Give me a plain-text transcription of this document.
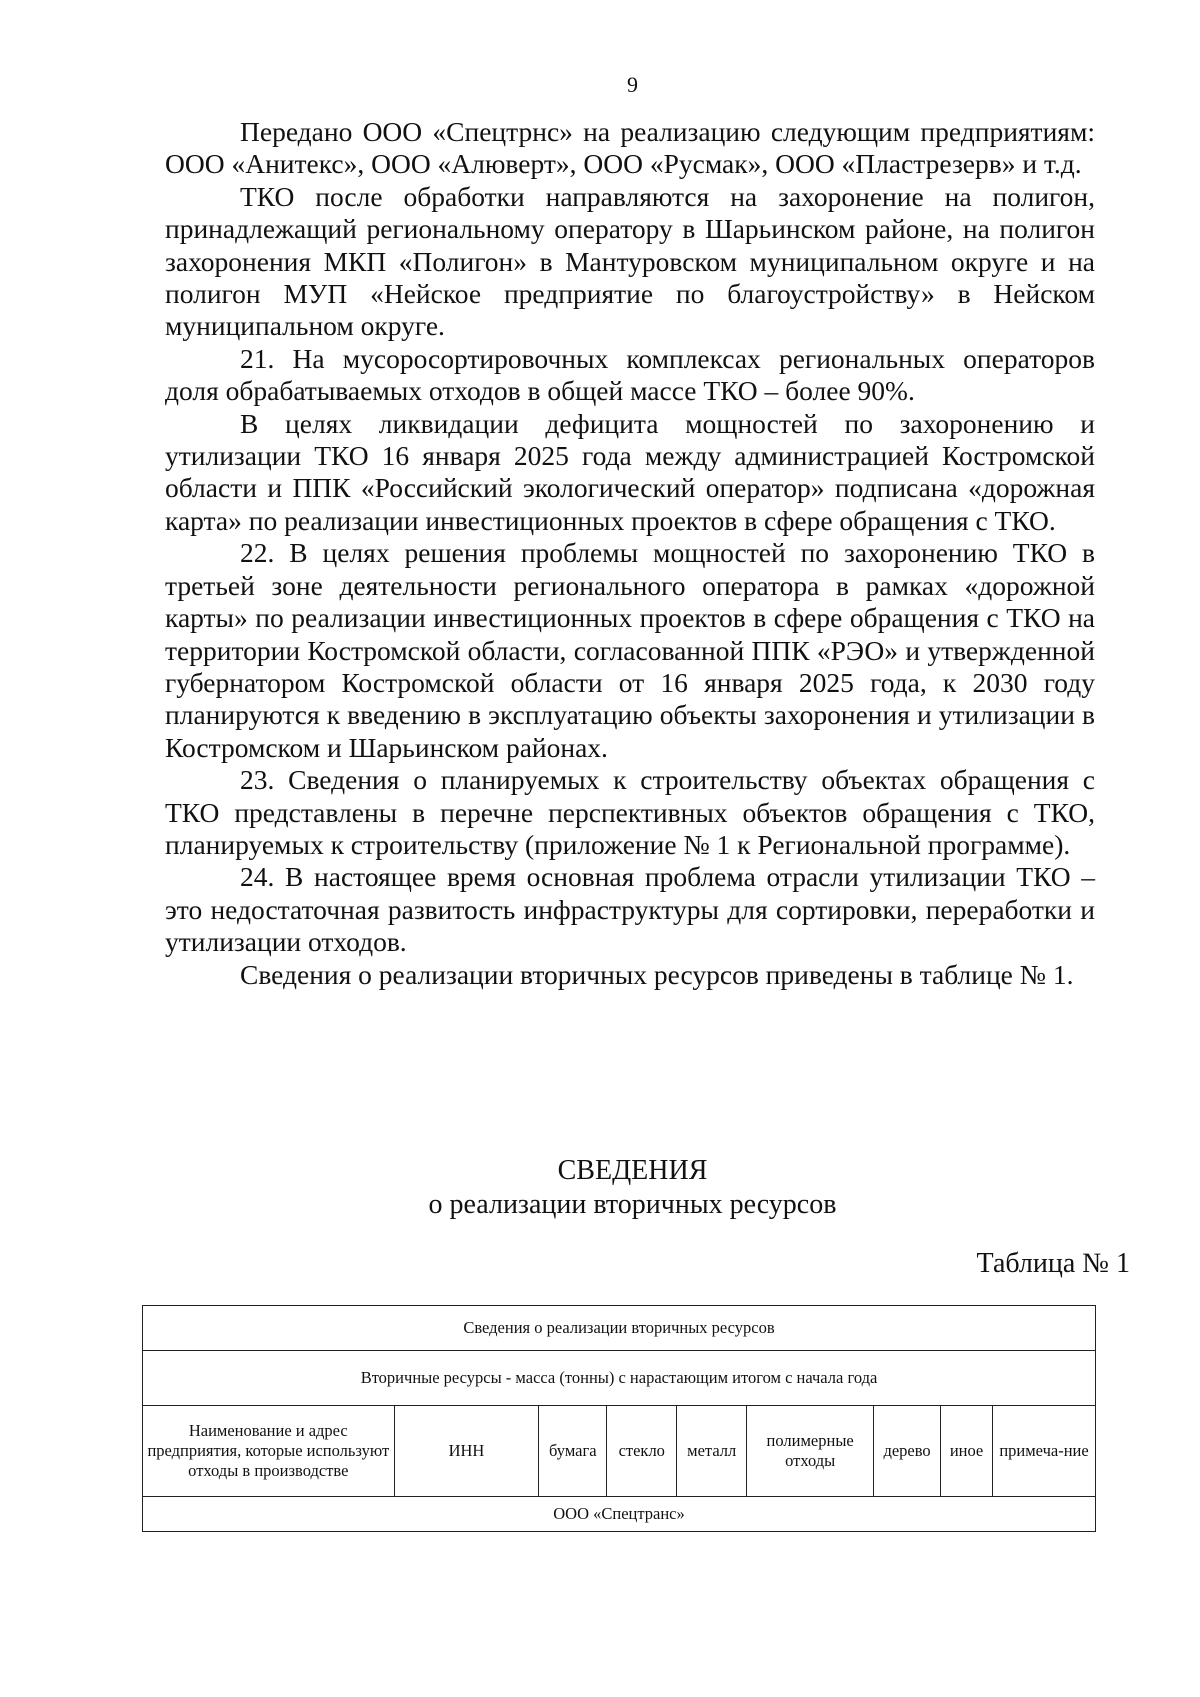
9

Передано ООО «Спецтрнс» на реализацию следующим предприятиям: ООО «Анитекс», ООО «Алюверт», ООО «Русмак», ООО «Пластрезерв» и т.д.

ТКО после обработки направляются на захоронение на полигон, принадлежащий региональному оператору в Шарьинском районе, на полигон захоронения МКП «Полигон» в Мантуровском муниципальном округе и на полигон МУП «Нейское предприятие по благоустройству» в Нейском муниципальном округе.

21. На мусоросортировочных комплексах региональных операторов доля обрабатываемых отходов в общей массе ТКО – более 90%.

В целях ликвидации дефицита мощностей по захоронению и утилизации ТКО 16 января 2025 года между администрацией Костромской области и ППК «Российский экологический оператор» подписана «дорожная карта» по реализации инвестиционных проектов в сфере обращения с ТКО.

22. В целях решения проблемы мощностей по захоронению ТКО в третьей зоне деятельности регионального оператора в рамках «дорожной карты» по реализации инвестиционных проектов в сфере обращения с ТКО на территории Костромской области, согласованной ППК «РЭО» и утвержденной губернатором Костромской области от 16 января 2025 года, к 2030 году планируются к введению в эксплуатацию объекты захоронения и утилизации в Костромском и Шарьинском районах.

23. Сведения о планируемых к строительству объектах обращения с ТКО представлены в перечне перспективных объектов обращения с ТКО, планируемых к строительству (приложение № 1 к Региональной программе).

24. В настоящее время основная проблема отрасли утилизации ТКО – это недостаточная развитость инфраструктуры для сортировки, переработки и утилизации отходов.

Сведения о реализации вторичных ресурсов приведены в таблице № 1.

СВЕДЕНИЯ
о реализации вторичных ресурсов
Таблица № 1
Сведения о реализации вторичных ресурсов
Вторичные ресурсы - масса (тонны) с нарастающим итогом с начала года
Наименование и адрес предприятия, которые используют отходы в производстве	ИНН	бумага	стекло	металл	полимерные отходы	дерево	иное	примеча-ние
ООО «Спецтранс»
